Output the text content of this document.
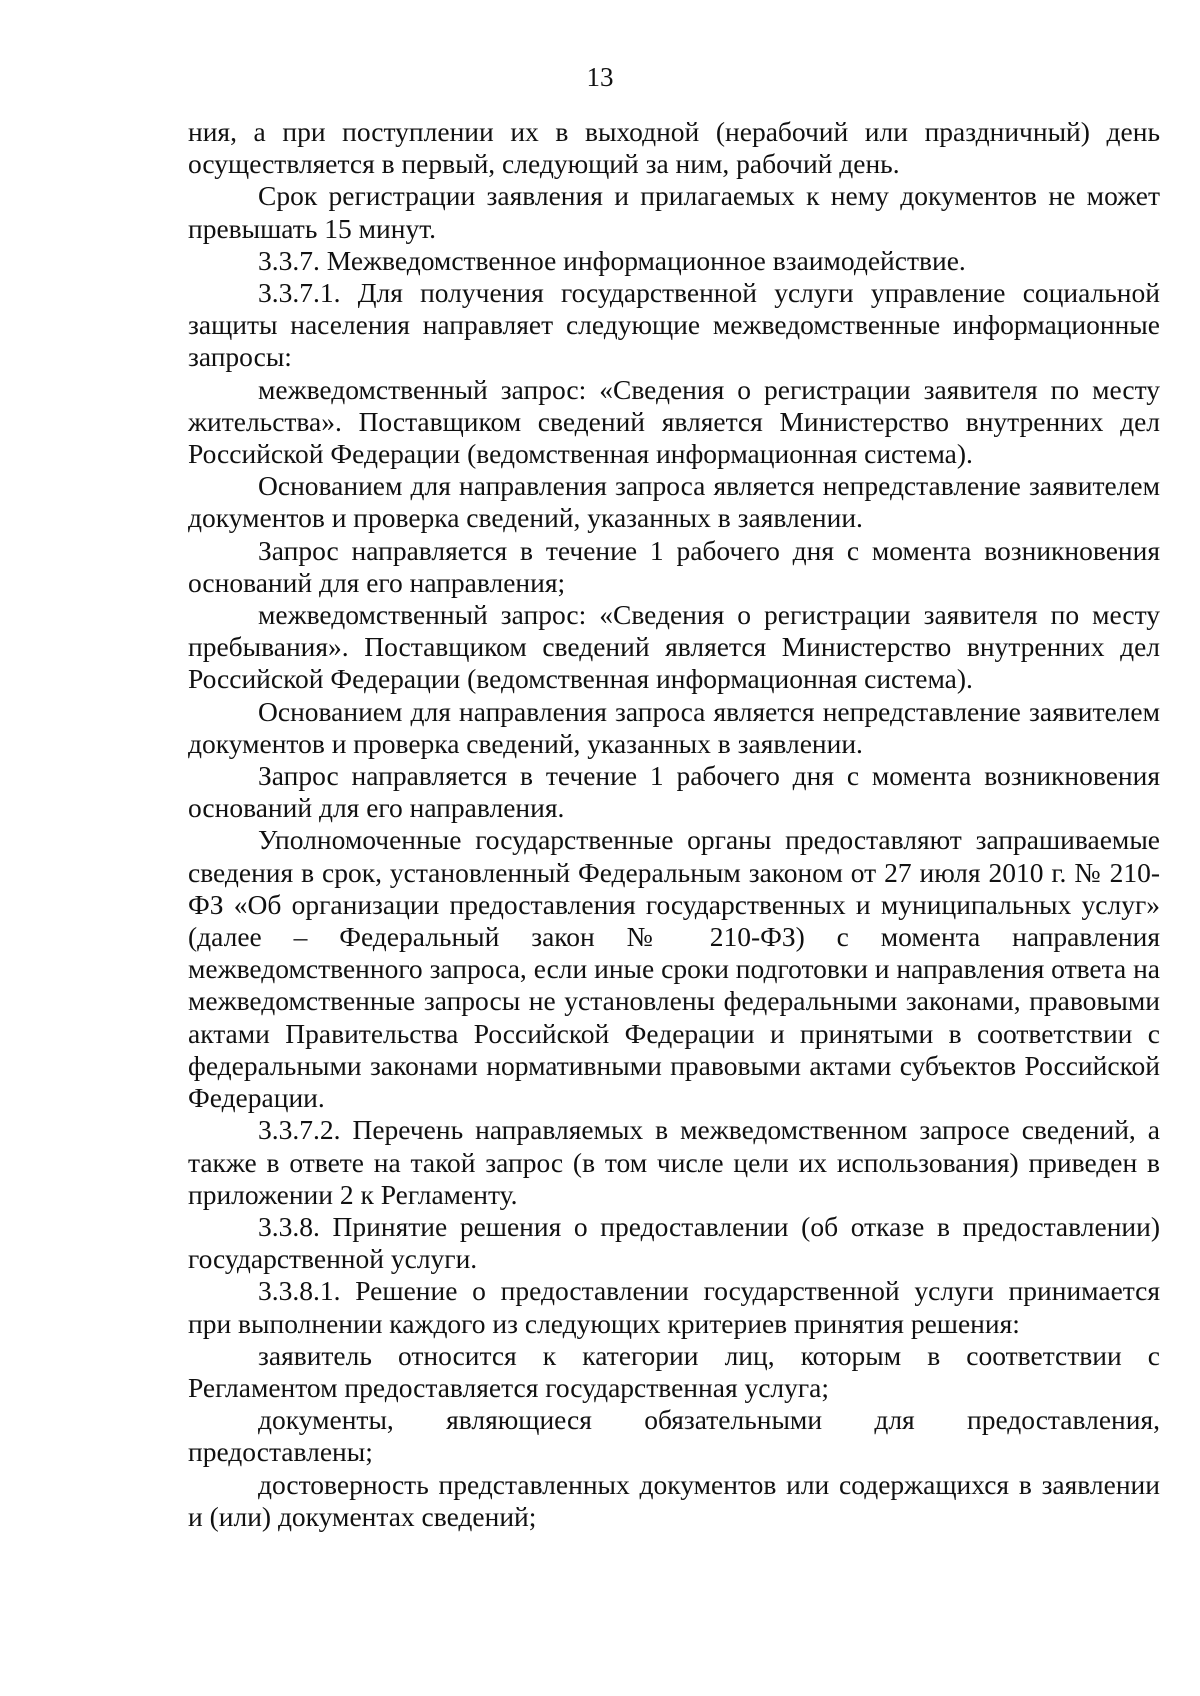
13

ния, а при поступлении их в выходной (нерабочий или праздничный) день осуществляется в первый, следующий за ним, рабочий день.

Срок регистрации заявления и прилагаемых к нему документов не может превышать 15 минут.

3.3.7. Межведомственное информационное взаимодействие.

3.3.7.1. Для получения государственной услуги управление социальной защиты населения направляет следующие межведомственные информационные запросы:

межведомственный запрос: «Сведения о регистрации заявителя по месту жительства». Поставщиком сведений является Министерство внутренних дел Российской Федерации (ведомственная информационная система).

Основанием для направления запроса является непредставление заявителем документов и проверка сведений, указанных в заявлении.

Запрос направляется в течение 1 рабочего дня с момента возникновения оснований для его направления;

межведомственный запрос: «Сведения о регистрации заявителя по месту пребывания». Поставщиком сведений является Министерство внутренних дел Российской Федерации (ведомственная информационная система).

Основанием для направления запроса является непредставление заявителем документов и проверка сведений, указанных в заявлении.

Запрос направляется в течение 1 рабочего дня с момента возникновения оснований для его направления.

Уполномоченные государственные органы предоставляют запрашиваемые сведения в срок, установленный Федеральным законом от 27 июля 2010 г. № 210-ФЗ «Об организации предоставления государственных и муниципальных услуг» (далее – Федеральный закон № 210-ФЗ) с момента направления межведомственного запроса, если иные сроки подготовки и направления ответа на межведомственные запросы не установлены федеральными законами, правовыми актами Правительства Российской Федерации и принятыми в соответствии с федеральными законами нормативными правовыми актами субъектов Российской Федерации.

3.3.7.2. Перечень направляемых в межведомственном запросе сведений, а также в ответе на такой запрос (в том числе цели их использования) приведен в приложении 2 к Регламенту.

3.3.8. Принятие решения о предоставлении (об отказе в предоставлении) государственной услуги.

3.3.8.1. Решение о предоставлении государственной услуги принимается при выполнении каждого из следующих критериев принятия решения:

заявитель относится к категории лиц, которым в соответствии с Регламентом предоставляется государственная услуга;

документы, являющиеся обязательными для предоставления, предоставлены;

достоверность представленных документов или содержащихся в заявлении и (или) документах сведений;
